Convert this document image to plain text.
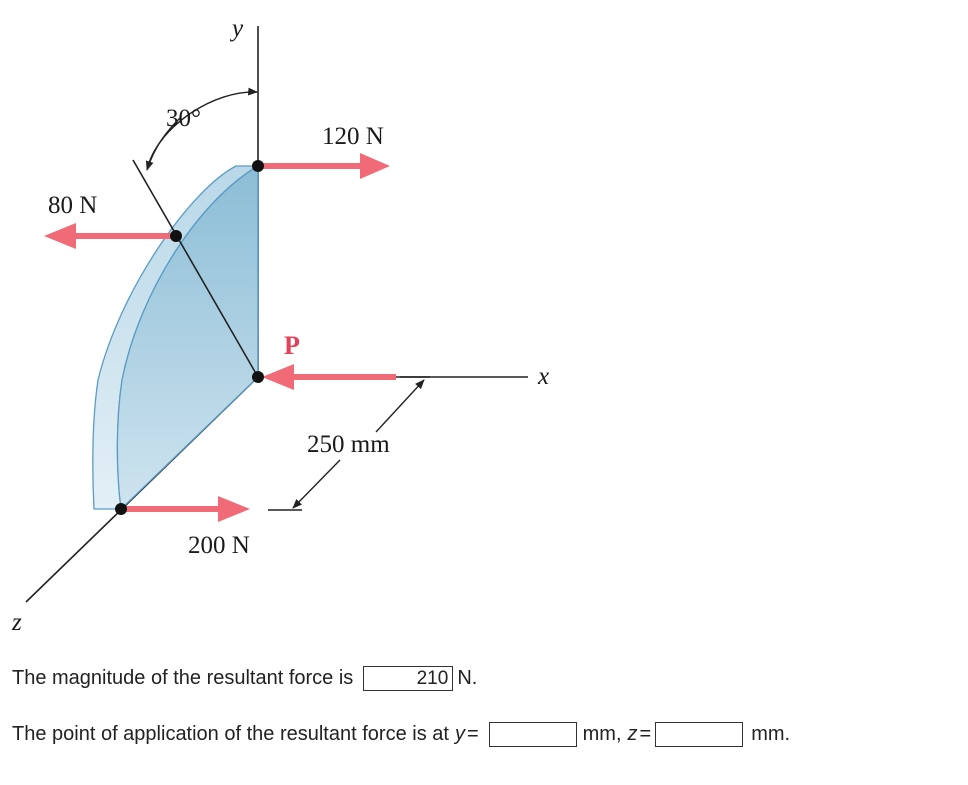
y
x
z
30°
120 N
80 N
P
200 N
250 mm
The magnitude of the resultant force is	210 N.
The point of application of the resultant force is at y =	mm, z =	mm.
